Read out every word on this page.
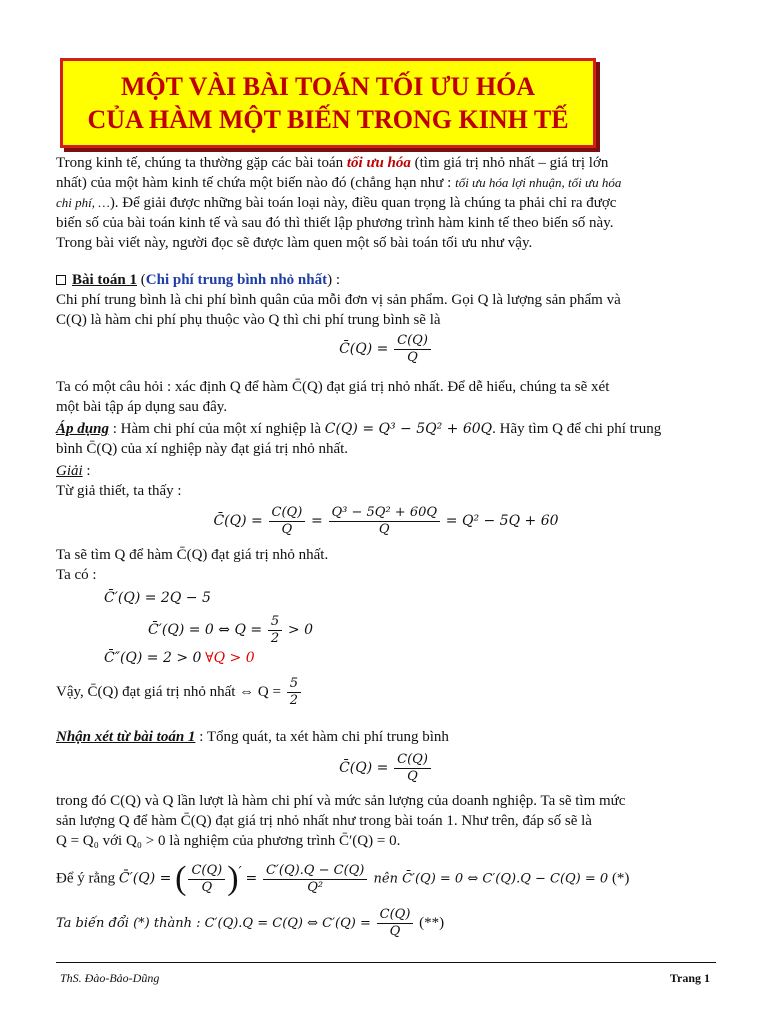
MỘT VÀI BÀI TOÁN TỐI ƯU HÓA
CỦA HÀM MỘT BIẾN TRONG KINH TẾ
Trong kinh tế, chúng ta thường gặp các bài toán tối ưu hóa (tìm giá trị nhỏ nhất – giá trị lớn
nhất) của một hàm kinh tế chứa một biến nào đó (chẳng hạn như : tối ưu hóa lợi nhuận, tối ưu hóa
chi phí, …). Để giải được những bài toán loại này, điều quan trọng là chúng ta phải chỉ ra được
biến số của bài toán kinh tế và sau đó thì thiết lập phương trình hàm kinh tế theo biến số này.
Trong bài viết này, người đọc sẽ được làm quen một số bài toán tối ưu như vậy.
Bài toán 1 (Chi phí trung bình nhỏ nhất) :
Chi phí trung bình là chi phí bình quân của mỗi đơn vị sản phẩm. Gọi Q là lượng sản phẩm và
C(Q) là hàm chi phí phụ thuộc vào Q thì chi phí trung bình sẽ là
C̄(Q) = $\frac{C(Q)}{Q}$
Ta có một câu hỏi : xác định Q để hàm C̄(Q) đạt giá trị nhỏ nhất. Để dễ hiểu, chúng ta sẽ xét
một bài tập áp dụng sau đây.
Áp dụng : Hàm chi phí của một xí nghiệp là C(Q) = Q³ − 5Q² + 60Q. Hãy tìm Q để chi phí trung
bình C̄(Q) của xí nghiệp này đạt giá trị nhỏ nhất.
Giải :
Từ giả thiết, ta thấy :
C̄(Q) = $\frac{C(Q)}{Q} = \frac{\text{Q³ − 5Q² + 60Q}}{Q} = Q^2 - 5Q + 60$
Ta sẽ tìm Q để hàm C̄(Q) đạt giá trị nhỏ nhất.
Ta có :
C̄′(Q) = 2Q − 5
C̄′(Q) = 0 ⇔ $Q = \frac{5}{2} > 0$
C̄″(Q) = 2 > 0 ∀Q > 0
Vậy, C̄(Q) đạt giá trị nhỏ nhất ⇔ $Q = \frac{5}{2}$
Nhận xét từ bài toán 1 : Tổng quát, ta xét hàm chi phí trung bình
C̄(Q) = $\frac{C(Q)}{Q}$
trong đó C(Q) và Q lần lượt là hàm chi phí và mức sản lượng của doanh nghiệp. Ta sẽ tìm mức
sản lượng Q để hàm C̄(Q) đạt giá trị nhỏ nhất như trong bài toán 1. Như trên, đáp số sẽ là
Q = Q₀ với Q₀ > 0 là nghiệm của phương trình C̄′(Q) = 0.
Để ý rằng C̄′(Q) = ( $\frac{C(Q)}{Q} )' = \frac{C'(Q).Q - C(Q)}{\text{Q²}}$ nên C̄′(Q) = 0 ⇔ C′(Q).Q − C(Q) = 0 (*)
Ta biến đổi (*) thành : C′(Q).Q = C(Q) ⇔ $C'(Q) = \frac{C(Q)}{Q}$ (**)
ThS. Đào-Bảo-Dũng	Trang 1
